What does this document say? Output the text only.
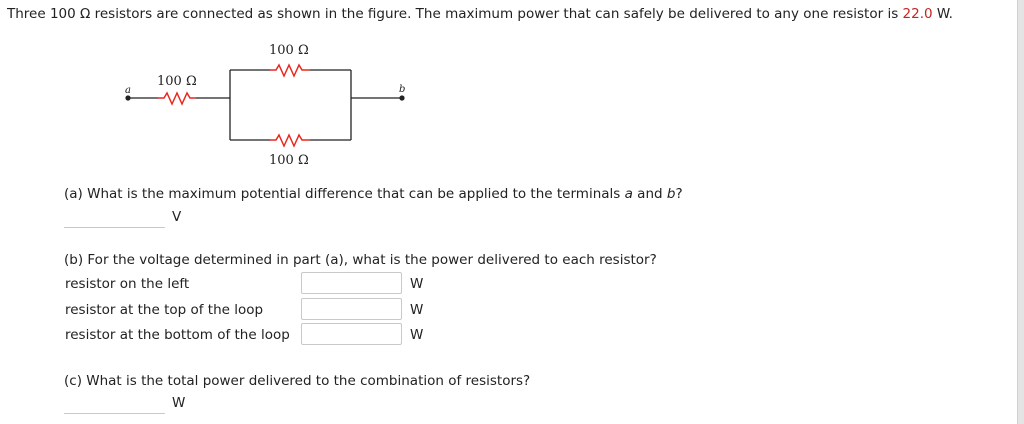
Three 100 Ω resistors are connected as shown in the figure. The maximum power that can safely be delivered to any one resistor is 22.0 W.
a	b
100 Ω
100 Ω
100 Ω
(a) What is the maximum potential difference that can be applied to the terminals a and b?
V
(b) For the voltage determined in part (a), what is the power delivered to each resistor?
resistor on the left	W
resistor at the top of the loop	W
resistor at the bottom of the loop	W
(c) What is the total power delivered to the combination of resistors?
W
